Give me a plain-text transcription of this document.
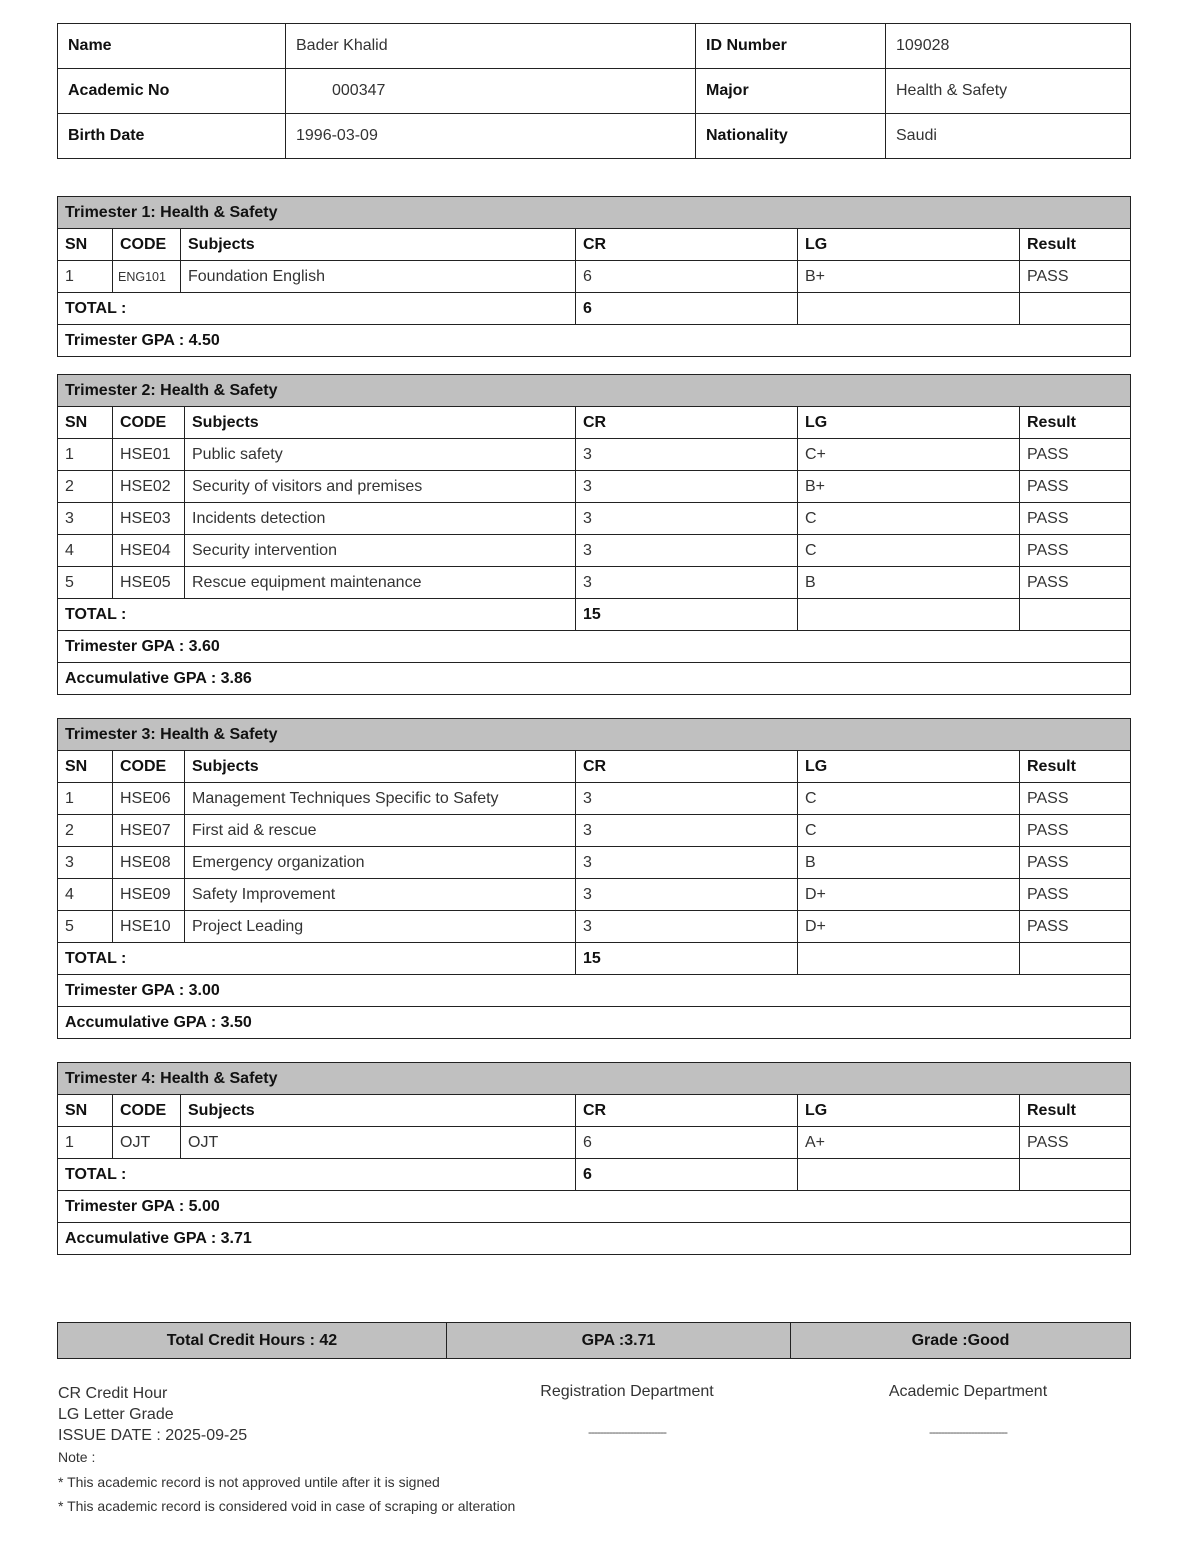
Name	Bader Khalid	ID Number	109028
Academic No	000347	Major	Health & Safety
Birth Date	1996-03-09	Nationality	Saudi
Trimester 1: Health & Safety					
SN	CODE	Subjects	CR	LG	Result
1	ENG101	Foundation English	6	B+	PASS
TOTAL :			6		
Trimester GPA : 4.50					
Trimester 2: Health & Safety					
SN	CODE	Subjects	CR	LG	Result
1	HSE01	Public safety	3	C+	PASS
2	HSE02	Security of visitors and premises	3	B+	PASS
3	HSE03	Incidents detection	3	C	PASS
4	HSE04	Security intervention	3	C	PASS
5	HSE05	Rescue equipment maintenance	3	B	PASS
TOTAL :			15		
Trimester GPA : 3.60					
Accumulative GPA : 3.86					
Trimester 3: Health & Safety					
SN	CODE	Subjects	CR	LG	Result
1	HSE06	Management Techniques Specific to Safety	3	C	PASS
2	HSE07	First aid & rescue	3	C	PASS
3	HSE08	Emergency organization	3	B	PASS
4	HSE09	Safety Improvement	3	D+	PASS
5	HSE10	Project Leading	3	D+	PASS
TOTAL :			15		
Trimester GPA : 3.00					
Accumulative GPA : 3.50					
Trimester 4: Health & Safety					
SN	CODE	Subjects	CR	LG	Result
1	OJT	OJT	6	A+	PASS
TOTAL :			6		
Trimester GPA : 5.00					
Accumulative GPA : 3.71					
Total Credit Hours : 42	GPA :3.71	Grade :Good
CR Credit Hour
LG Letter Grade
ISSUE DATE : 2025-09-25
Note :
* This academic record is not approved untile after it is signed
* This academic record is considered void in case of scraping or alteration
Registration Department	Academic Department
--------------------------	--------------------------
